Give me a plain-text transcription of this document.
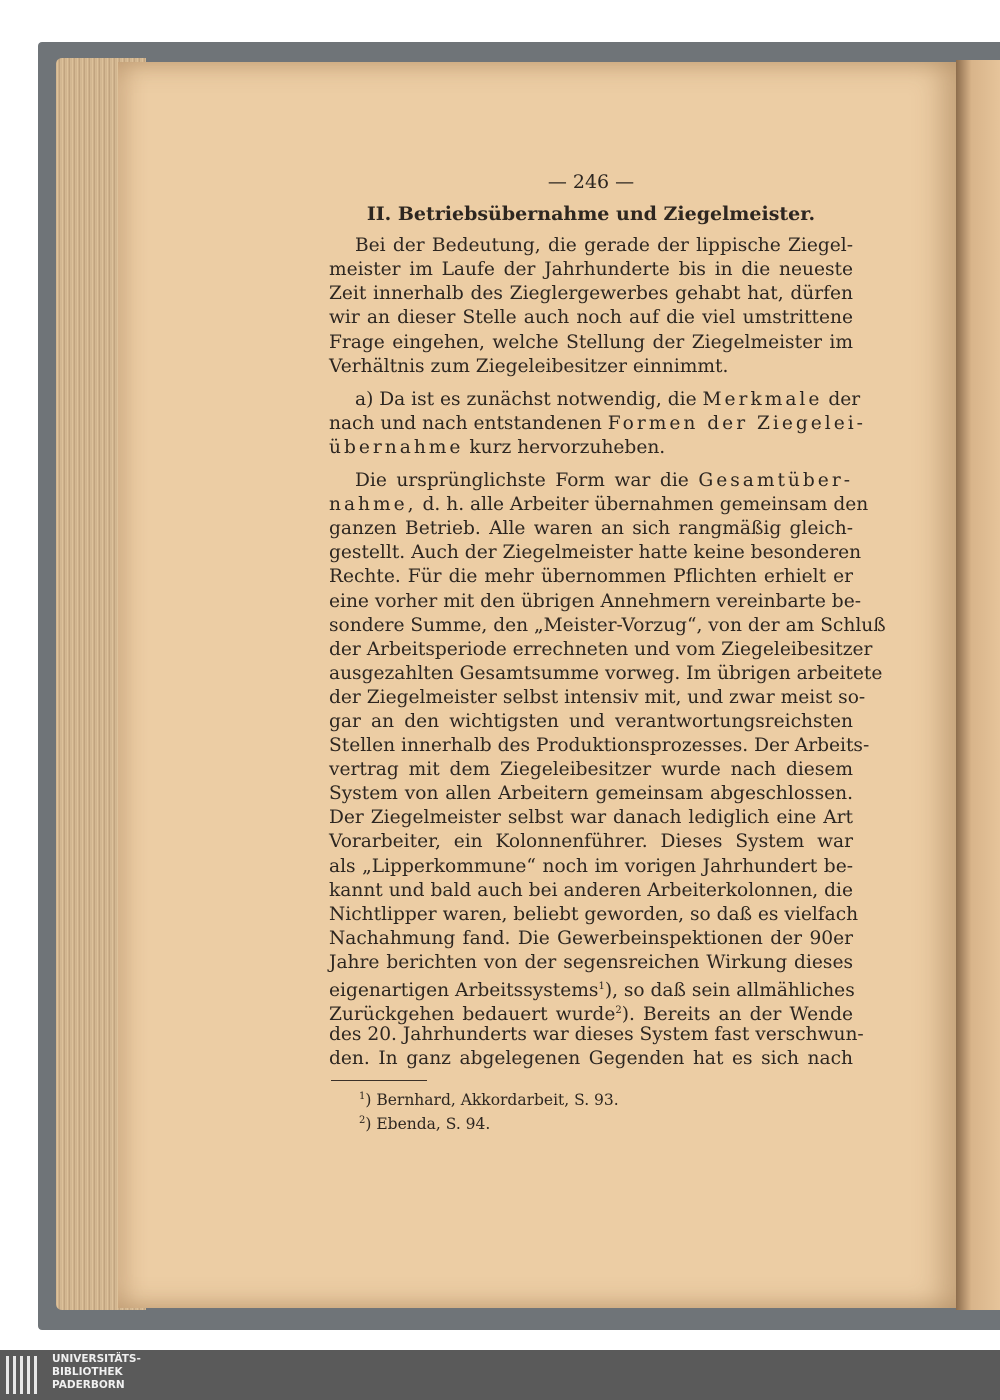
— 246 —
II. Betriebsübernahme und Ziegelmeister.
Bei der Bedeutung, die gerade der lippische Ziegel-
meister im Laufe der Jahrhunderte bis in die neueste
Zeit innerhalb des Zieglergewerbes gehabt hat, dürfen
wir an dieser Stelle auch noch auf die viel umstrittene
Frage eingehen, welche Stellung der Ziegelmeister im
Verhältnis zum Ziegeleibesitzer einnimmt.
a) Da ist es zunächst notwendig, die Merkmale der
nach und nach entstandenen Formen der Ziegelei-
übernahme kurz hervorzuheben.
Die ursprünglichste Form war die Gesamtüber-
nahme, d. h. alle Arbeiter übernahmen gemeinsam den
ganzen Betrieb. Alle waren an sich rangmäßig gleich-
gestellt. Auch der Ziegelmeister hatte keine besonderen
Rechte. Für die mehr übernommen Pflichten erhielt er
eine vorher mit den übrigen Annehmern vereinbarte be-
sondere Summe, den „Meister-Vorzug“, von der am Schluß
der Arbeitsperiode errechneten und vom Ziegeleibesitzer
ausgezahlten Gesamtsumme vorweg. Im übrigen arbeitete
der Ziegelmeister selbst intensiv mit, und zwar meist so-
gar an den wichtigsten und verantwortungsreichsten
Stellen innerhalb des Produktionsprozesses. Der Arbeits-
vertrag mit dem Ziegeleibesitzer wurde nach diesem
System von allen Arbeitern gemeinsam abgeschlossen.
Der Ziegelmeister selbst war danach lediglich eine Art
Vorarbeiter, ein Kolonnenführer. Dieses System war
als „Lipperkommune“ noch im vorigen Jahrhundert be-
kannt und bald auch bei anderen Arbeiterkolonnen, die
Nichtlipper waren, beliebt geworden, so daß es vielfach
Nachahmung fand. Die Gewerbeinspektionen der 90er
Jahre berichten von der segensreichen Wirkung dieses
eigenartigen Arbeitssystems$^1$), so daß sein allmähliches
Zurückgehen bedauert wurde$^2$). Bereits an der Wende
des 20. Jahrhunderts war dieses System fast verschwun-
den. In ganz abgelegenen Gegenden hat es sich nach
$^1$) Bernhard, Akkordarbeit, S. 93.
$^2$) Ebenda, S. 94.
UNIVERSITÄTS-
BIBLIOTHEK
PADERBORN
